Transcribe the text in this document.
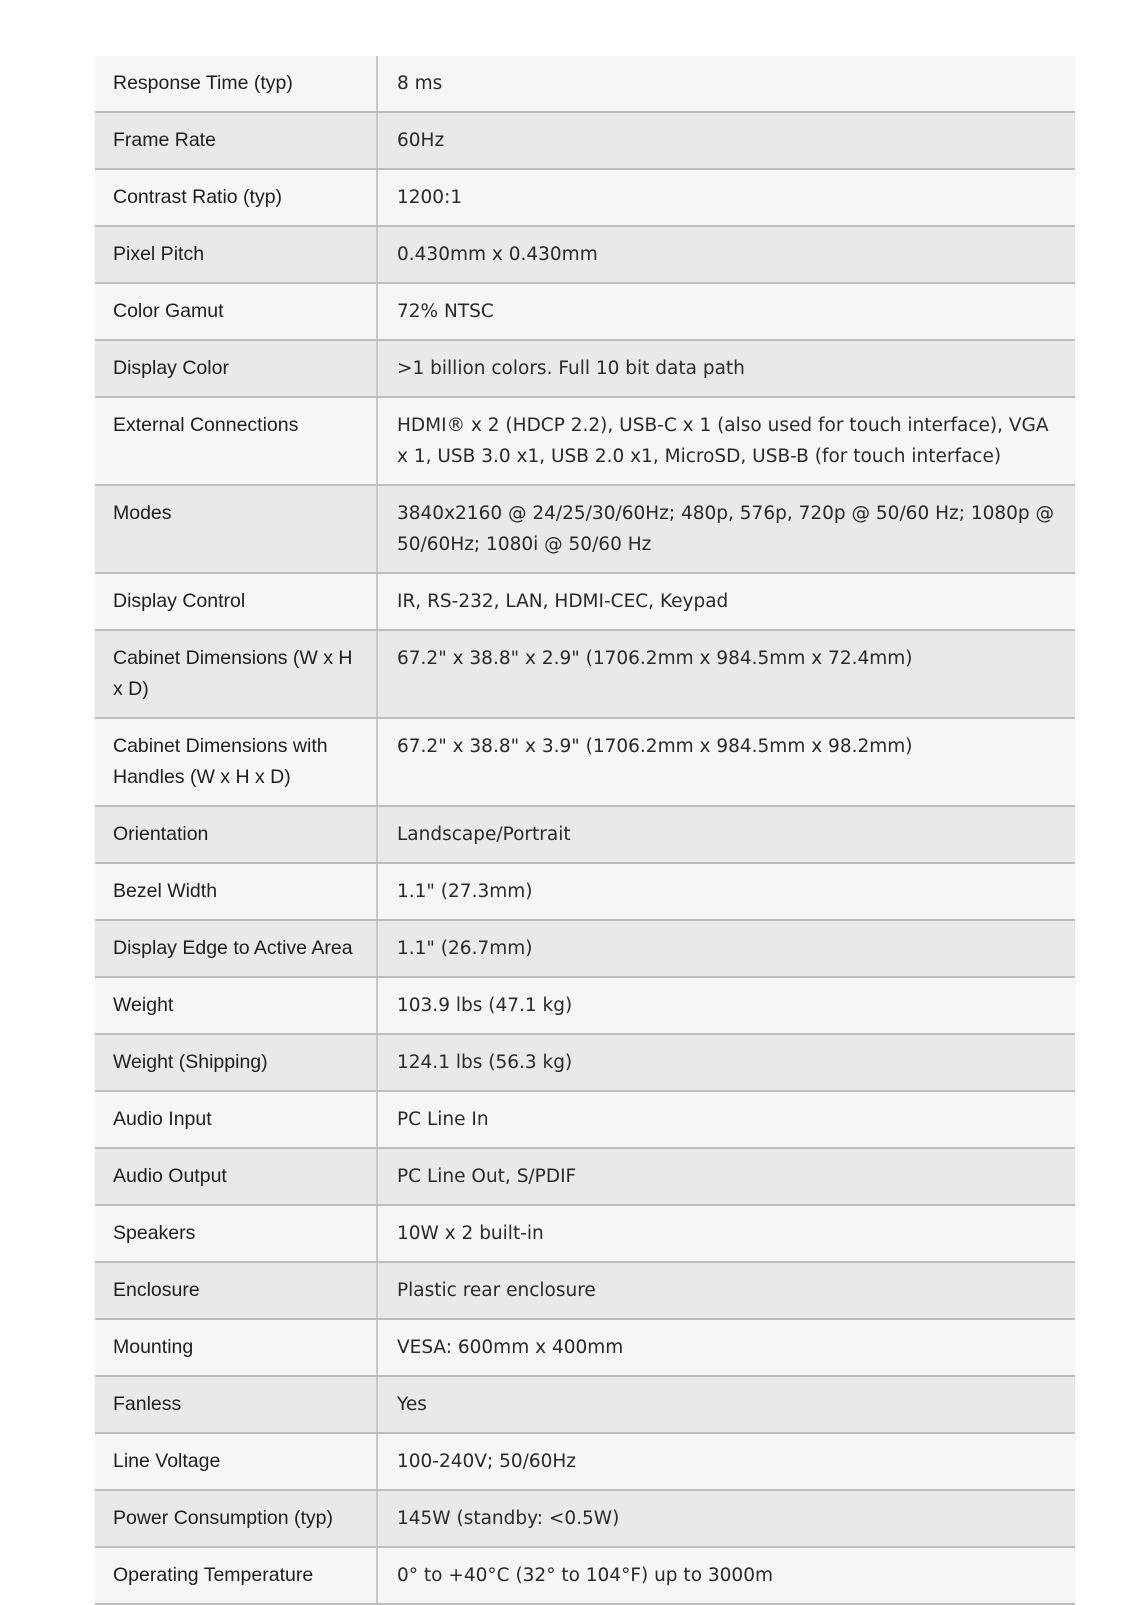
Response Time (typ)	8 ms
Frame Rate	60Hz
Contrast Ratio (typ)	1200:1
Pixel Pitch	0.430mm x 0.430mm
Color Gamut	72% NTSC
Display Color	>1 billion colors. Full 10 bit data path
External Connections	HDMI® x 2 (HDCP 2.2), USB-C x 1 (also used for touch interface), VGA x 1, USB 3.0 x1, USB 2.0 x1, MicroSD, USB-B (for touch interface)
Modes	3840x2160 @ 24/25/30/60Hz; 480p, 576p, 720p @ 50/60 Hz; 1080p @ 50/60Hz; 1080i @ 50/60 Hz
Display Control	IR, RS-232, LAN, HDMI-CEC, Keypad
Cabinet Dimensions (W x H x D)	67.2" x 38.8" x 2.9" (1706.2mm x 984.5mm x 72.4mm)
Cabinet Dimensions with Handles (W x H x D)	67.2" x 38.8" x 3.9" (1706.2mm x 984.5mm x 98.2mm)
Orientation	Landscape/Portrait
Bezel Width	1.1" (27.3mm)
Display Edge to Active Area	1.1" (26.7mm)
Weight	103.9 lbs (47.1 kg)
Weight (Shipping)	124.1 lbs (56.3 kg)
Audio Input	PC Line In
Audio Output	PC Line Out, S/PDIF
Speakers	10W x 2 built-in
Enclosure	Plastic rear enclosure
Mounting	VESA: 600mm x 400mm
Fanless	Yes
Line Voltage	100-240V; 50/60Hz
Power Consumption (typ)	145W (standby: <0.5W)
Operating Temperature	0° to +40°C (32° to 104°F) up to 3000m
